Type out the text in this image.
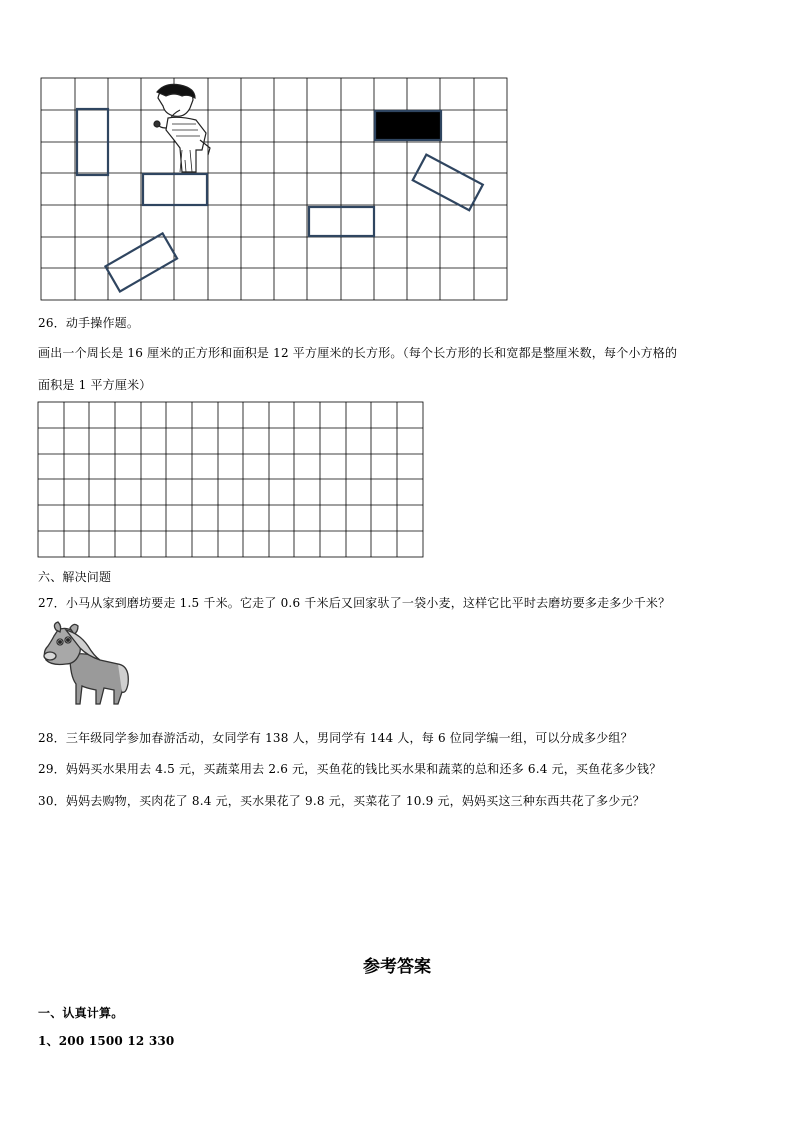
26．动手操作题。
画出一个周长是 16 厘米的正方形和面积是 12 平方厘米的长方形。（每个长方形的长和宽都是整厘米数，每个小方格的
面积是 1 平方厘米）
六、解决问题
27．小马从家到磨坊要走 1.5 千米。它走了 0.6 千米后又回家驮了一袋小麦，这样它比平时去磨坊要多走多少千米？
28．三年级同学参加春游活动，女同学有 138 人，男同学有 144 人，每 6 位同学编一组，可以分成多少组？
29．妈妈买水果用去 4.5 元，买蔬菜用去 2.6 元，买鱼花的钱比买水果和蔬菜的总和还多 6.4 元，买鱼花多少钱？
30．妈妈去购物，买肉花了 8.4 元，买水果花了 9.8 元，买菜花了 10.9 元，妈妈买这三种东西共花了多少元？
参考答案
一、认真计算。
1、200 1500 12 330
